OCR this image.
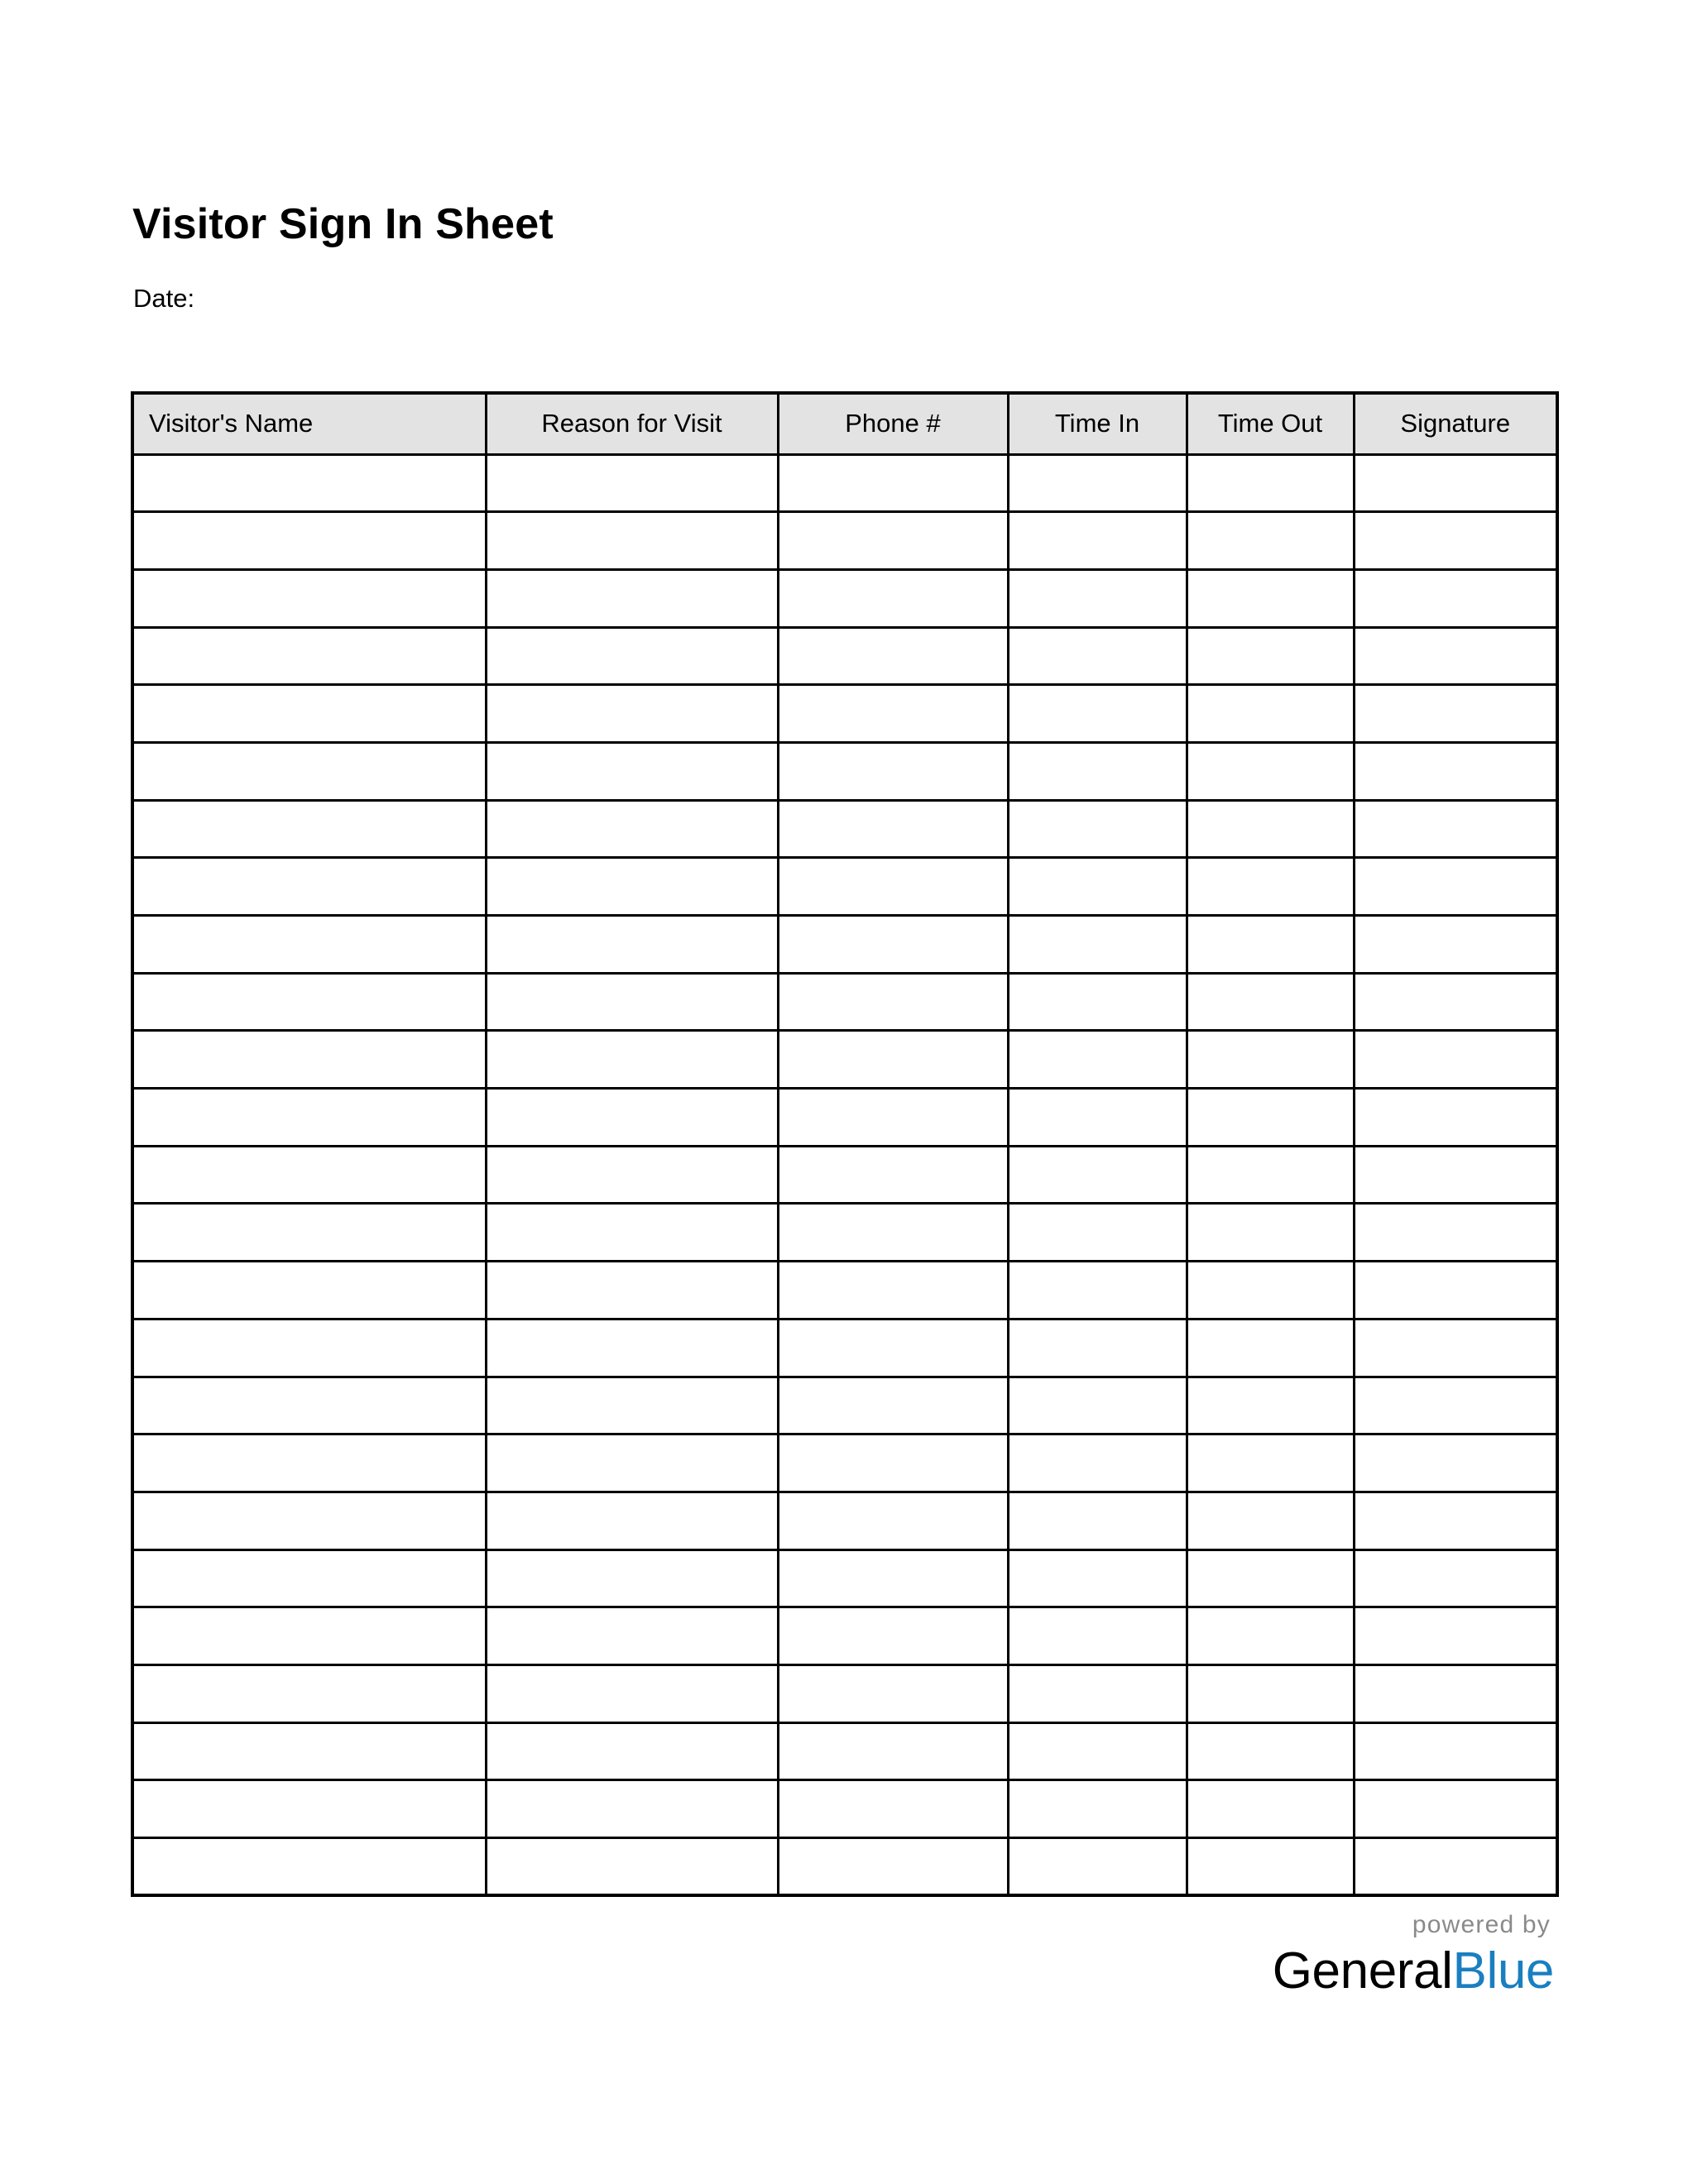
Visitor Sign In Sheet
Date:
Visitor's Name	Reason for Visit	Phone #	Time In	Time Out	Signature

powered by
GeneralBlue
